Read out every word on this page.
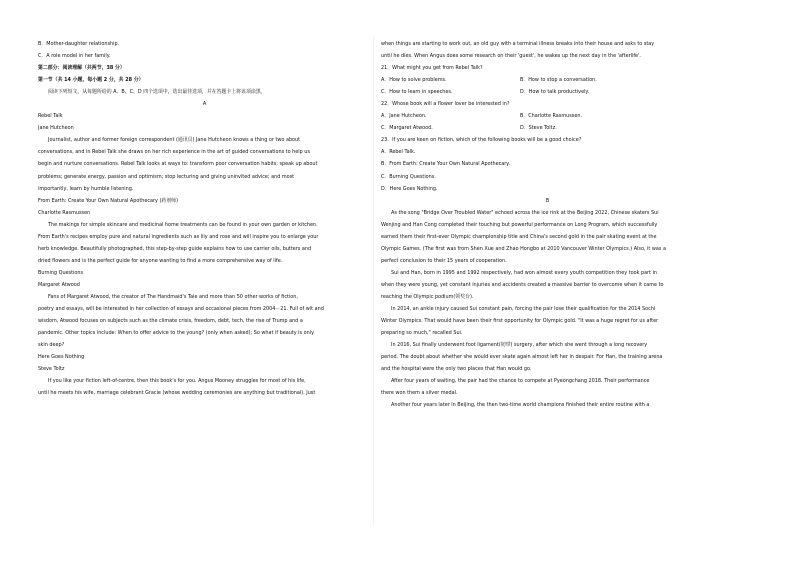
B．Mother-daughter relationship.
C．A role model in her family.
第二部分：阅读理解（共两节，38 分）
第一节（共 14 小题，每小题 2 分，共 28 分）
阅读下列短文，从每题所给的 A、B、C、D 四个选项中，选出最佳选项，并在答题卡上将该项涂黑。
A
Rebel Talk
Jane Hutcheon
Journalist, author and former foreign correspondent (通讯员) Jane Hutcheon knows a thing or two about
conversations, and in Rebel Talk she draws on her rich experience in the art of guided conversations to help us
begin and nurture conversations. Rebel Talk looks at ways to: transform poor conversation habits; speak up about
problems; generate energy, passion and optimism; stop lecturing and giving uninvited advice; and most
importantly, learn by humble listening.
From Earth: Create Your Own Natural Apothecary (药剂师)
Charlotte Rasmussen
The makings for simple skincare and medicinal home treatments can be found in your own garden or kitchen.
From Earth's recipes employ pure and natural ingredients such as lily and rose and will inspire you to enlarge your
herb knowledge. Beautifully photographed, this step-by-step guide explains how to use carrier oils, butters and
dried flowers and is the perfect guide for anyone wanting to find a more comprehensive way of life.
Burning Questions
Margaret Atwood
Fans of Margaret Atwood, the creator of The Handmaid's Tale and more than 50 other works of fiction,
poetry and essays, will be interested in her collection of essays and occasional pieces from 2004－21. Full of wit and
wisdom, Atwood focuses on subjects such as the climate crisis, freedom, debt, tech, the rise of Trump and a
pandemic. Other topics include: When to offer advice to the young? (only when asked); So what if beauty is only
skin deep?
Here Goes Nothing
Steve Toltz
If you like your fiction left-of-centre, then this book's for you. Angus Mooney struggles for most of his life,
until he meets his wife, marriage celebrant Gracie (whose wedding ceremonies are anything but traditional). Just
when things are starting to work out, an old guy with a terminal illness breaks into their house and asks to stay
until he dies. When Angus does some research on their 'guest', he wakes up the next day in the 'afterlife'.
21．What might you get from Rebel Talk?
A．How to solve problems.	B．How to stop a conversation.
C．How to learn in speeches.	D．How to talk productively.
22．Whose book will a flower lover be interested in?
A．Jane Hutcheon.	B．Charlotte Rasmussen.
C．Margaret Atwood.	D．Steve Toltz.
23．If you are keen on fiction, which of the following books will be a good choice?
A．Rebel Talk.
B．From Earth: Create Your Own Natural Apothecary.
C．Burning Questions.
D．Here Goes Nothing.
B
As the song "Bridge Over Troubled Water" echoed across the ice rink at the Beijing 2022, Chinese skaters Sui
Wenjing and Han Cong completed their touching but powerful performance on Long Program, which successfully
earned them their first-ever Olympic championship title and China's second gold in the pair skating event at the
Olympic Games. (The first was from Shen Xue and Zhao Hongbo at 2010 Vancouver Winter Olympics.) Also, it was a
perfect conclusion to their 15 years of cooperation.
Sui and Han, born in 1995 and 1992 respectively, had won almost every youth competition they took part in
when they were young, yet constant injuries and accidents created a massive barrier to overcome when it came to
reaching the Olympic podium(领奖台).
In 2014, an ankle injury caused Sui constant pain, forcing the pair lose their qualification for the 2014 Sochi
Winter Olympics. That would have been their first opportunity for Olympic gold. "It was a huge regret for us after
preparing so much," recalled Sui.
In 2016, Sui finally underwent foot ligament(韧带) surgery, after which she went through a long recovery
period. The doubt about whether she would ever skate again almost left her in despair. For Han, the training arena
and the hospital were the only two places that Han would go.
After four years of waiting, the pair had the chance to compete at Pyeongchang 2018. Their performance
there won them a silver medal.
Another four years later in Beijing, the then two-time world champions finished their entire routine with a
